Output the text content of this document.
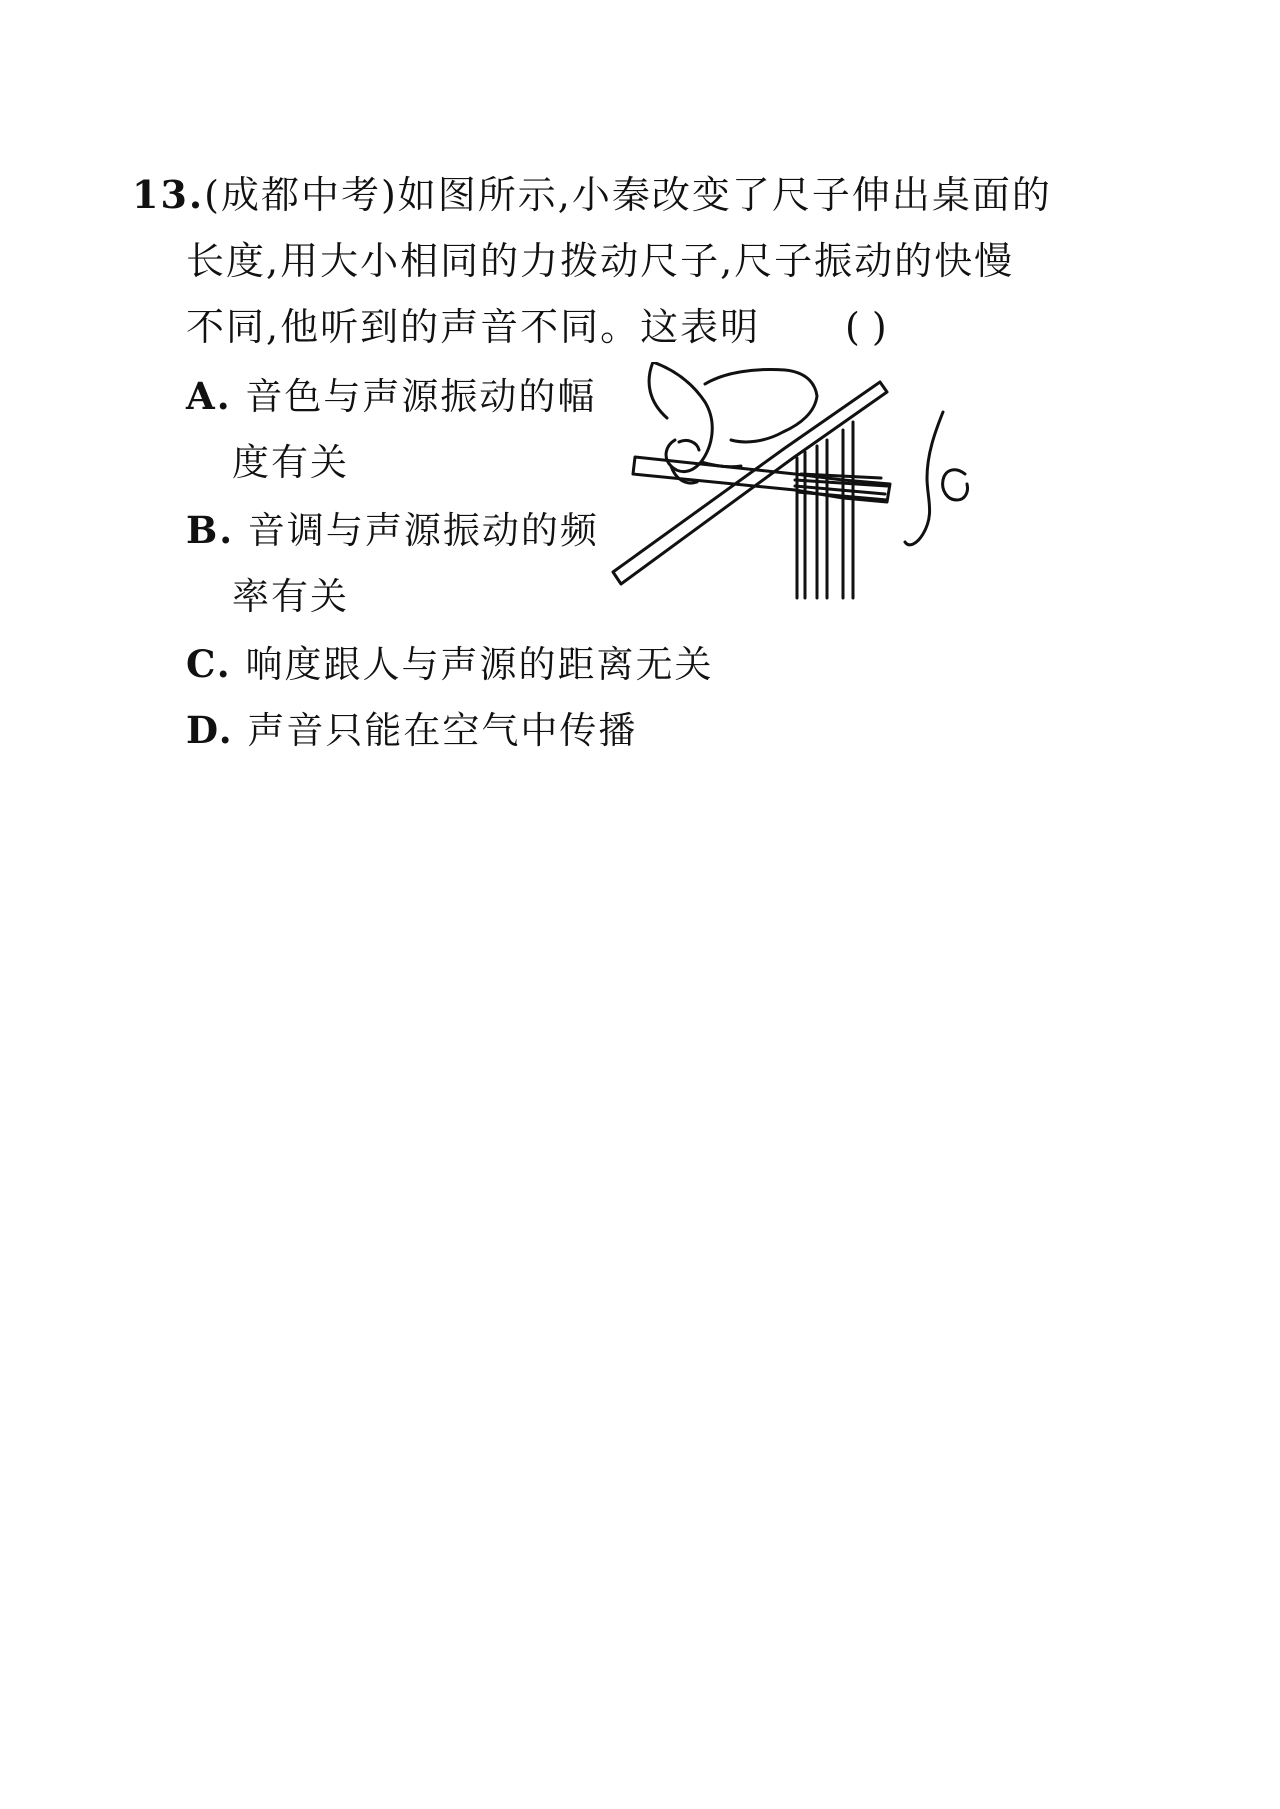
13.(成都中考)如图所示,小秦改变了尺子伸出桌面的
长度,用大小相同的力拨动尺子,尺子振动的快慢
不同,他听到的声音不同。这表明 ( )
A. 音色与声源振动的幅
度有关
B. 音调与声源振动的频
率有关
C. 响度跟人与声源的距离无关
D. 声音只能在空气中传播
